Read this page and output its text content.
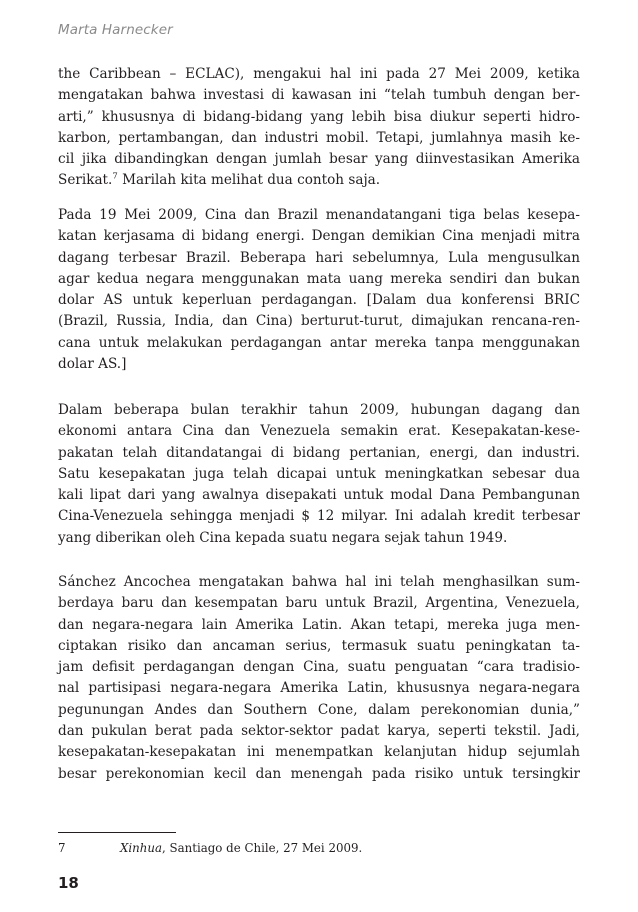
Marta Harnecker

the Caribbean – ECLAC), mengakui hal ini pada 27 Mei 2009, ketika

mengatakan bahwa investasi di kawasan ini “telah tumbuh dengan ber-

arti,” khususnya di bidang-bidang yang lebih bisa diukur seperti hidro-

karbon, pertambangan, dan industri mobil. Tetapi, jumlahnya masih ke-

cil jika dibandingkan dengan jumlah besar yang diinvestasikan Amerika

Serikat.$^7$ Marilah kita melihat dua contoh saja.

Pada 19 Mei 2009, Cina dan Brazil menandatangani tiga belas kesepa-

katan kerjasama di bidang energi. Dengan demikian Cina menjadi mitra

dagang terbesar Brazil. Beberapa hari sebelumnya, Lula mengusulkan

agar kedua negara menggunakan mata uang mereka sendiri dan bukan

dolar AS untuk keperluan perdagangan. [Dalam dua konferensi BRIC

(Brazil, Russia, India, dan Cina) berturut-turut, dimajukan rencana-ren-

cana untuk melakukan perdagangan antar mereka tanpa menggunakan

dolar AS.]

Dalam beberapa bulan terakhir tahun 2009, hubungan dagang dan

ekonomi antara Cina dan Venezuela semakin erat. Kesepakatan-kese-

pakatan telah ditandatangai di bidang pertanian, energi, dan industri.

Satu kesepakatan juga telah dicapai untuk meningkatkan sebesar dua

kali lipat dari yang awalnya disepakati untuk modal Dana Pembangunan

Cina-Venezuela sehingga menjadi $ 12 milyar. Ini adalah kredit terbesar

yang diberikan oleh Cina kepada suatu negara sejak tahun 1949.

Sánchez Ancochea mengatakan bahwa hal ini telah menghasilkan sum-

berdaya baru dan kesempatan baru untuk Brazil, Argentina, Venezuela,

dan negara-negara lain Amerika Latin. Akan tetapi, mereka juga men-

ciptakan risiko dan ancaman serius, termasuk suatu peningkatan ta-

jam defisit perdagangan dengan Cina, suatu penguatan “cara tradisio-

nal partisipasi negara-negara Amerika Latin, khususnya negara-negara

pegunungan Andes dan Southern Cone, dalam perekonomian dunia,”

dan pukulan berat pada sektor-sektor padat karya, seperti tekstil. Jadi,

kesepakatan-kesepakatan ini menempatkan kelanjutan hidup sejumlah

besar perekonomian kecil dan menengah pada risiko untuk tersingkir

7	Xinhua, Santiago de Chile, 27 Mei 2009.
18
